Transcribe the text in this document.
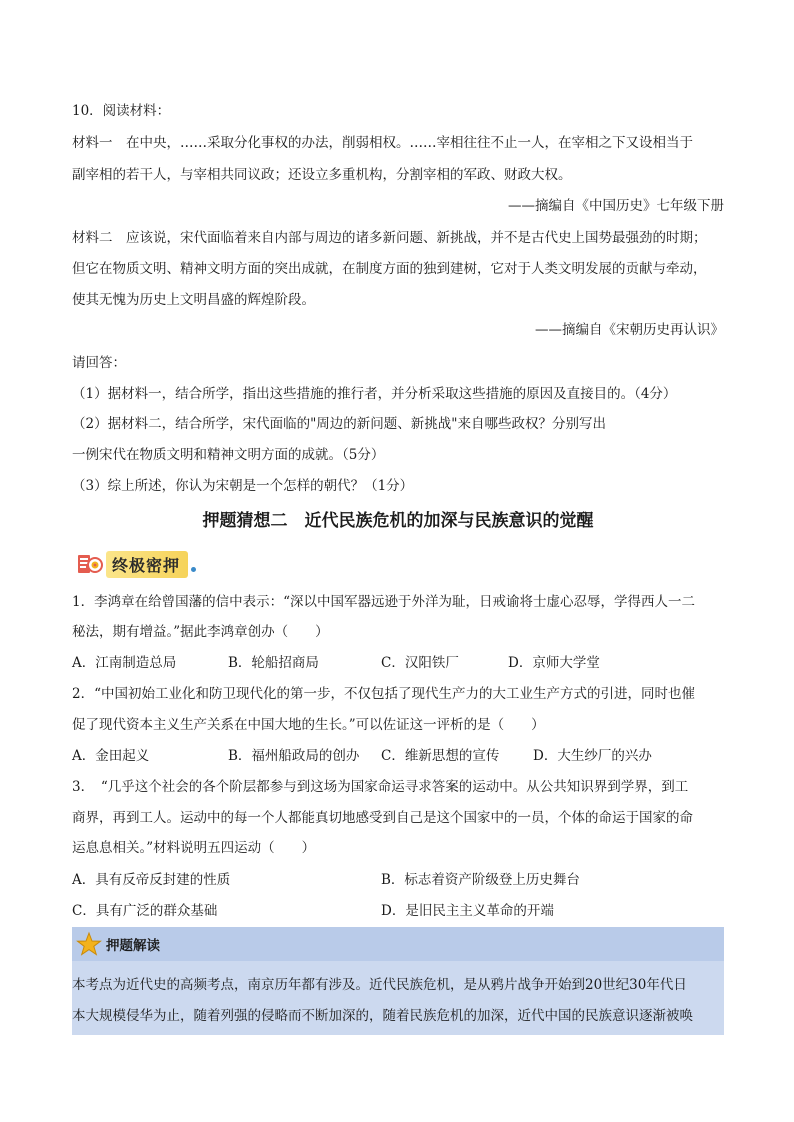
10．阅读材料：
材料一　在中央，……采取分化事权的办法，削弱相权。……宰相往往不止一人，在宰相之下又设相当于
副宰相的若干人，与宰相共同议政；还设立多重机构，分割宰相的军政、财政大权。
——摘编自《中国历史》七年级下册
材料二　应该说，宋代面临着来自内部与周边的诸多新问题、新挑战，并不是古代史上国势最强劲的时期；
但它在物质文明、精神文明方面的突出成就，在制度方面的独到建树，它对于人类文明发展的贡献与牵动，
使其无愧为历史上文明昌盛的辉煌阶段。
——摘编自《宋朝历史再认识》
请回答：
（1）据材料一，结合所学，指出这些措施的推行者，并分析采取这些措施的原因及直接目的。（4分）
（2）据材料二，结合所学，宋代面临的"周边的新问题、新挑战"来自哪些政权？分别写出
一例宋代在物质文明和精神文明方面的成就。（5分）
（3）综上所述，你认为宋朝是一个怎样的朝代？（1分）
押题猜想二　近代民族危机的加深与民族意识的觉醒
终极密押
1．李鸿章在给曾国藩的信中表示：“深以中国军器远逊于外洋为耻，日戒谕将士虚心忍辱，学得西人一二
秘法，期有增益。”据此李鸿章创办（　　）
A．江南制造总局	B．轮船招商局	C．汉阳铁厂	D．京师大学堂
2．“中国初始工业化和防卫现代化的第一步，不仅包括了现代生产力的大工业生产方式的引进，同时也催
促了现代资本主义生产关系在中国大地的生长。”可以佐证这一评析的是（　　）
A．金田起义	B．福州船政局的创办 C．维新思想的宣传 D．大生纱厂的兴办
3．　“几乎这个社会的各个阶层都参与到这场为国家命运寻求答案的运动中。从公共知识界到学界，到工
商界，再到工人。运动中的每一个人都能真切地感受到自己是这个国家中的一员，个体的命运于国家的命
运息息相关。”材料说明五四运动（　　）
A．具有反帝反封建的性质	B．标志着资产阶级登上历史舞台
C．具有广泛的群众基础	D．是旧民主主义革命的开端
押题解读
本考点为近代史的高频考点，南京历年都有涉及。近代民族危机，是从鸦片战争开始到20世纪30年代日
本大规模侵华为止，随着列强的侵略而不断加深的，随着民族危机的加深，近代中国的民族意识逐渐被唤
